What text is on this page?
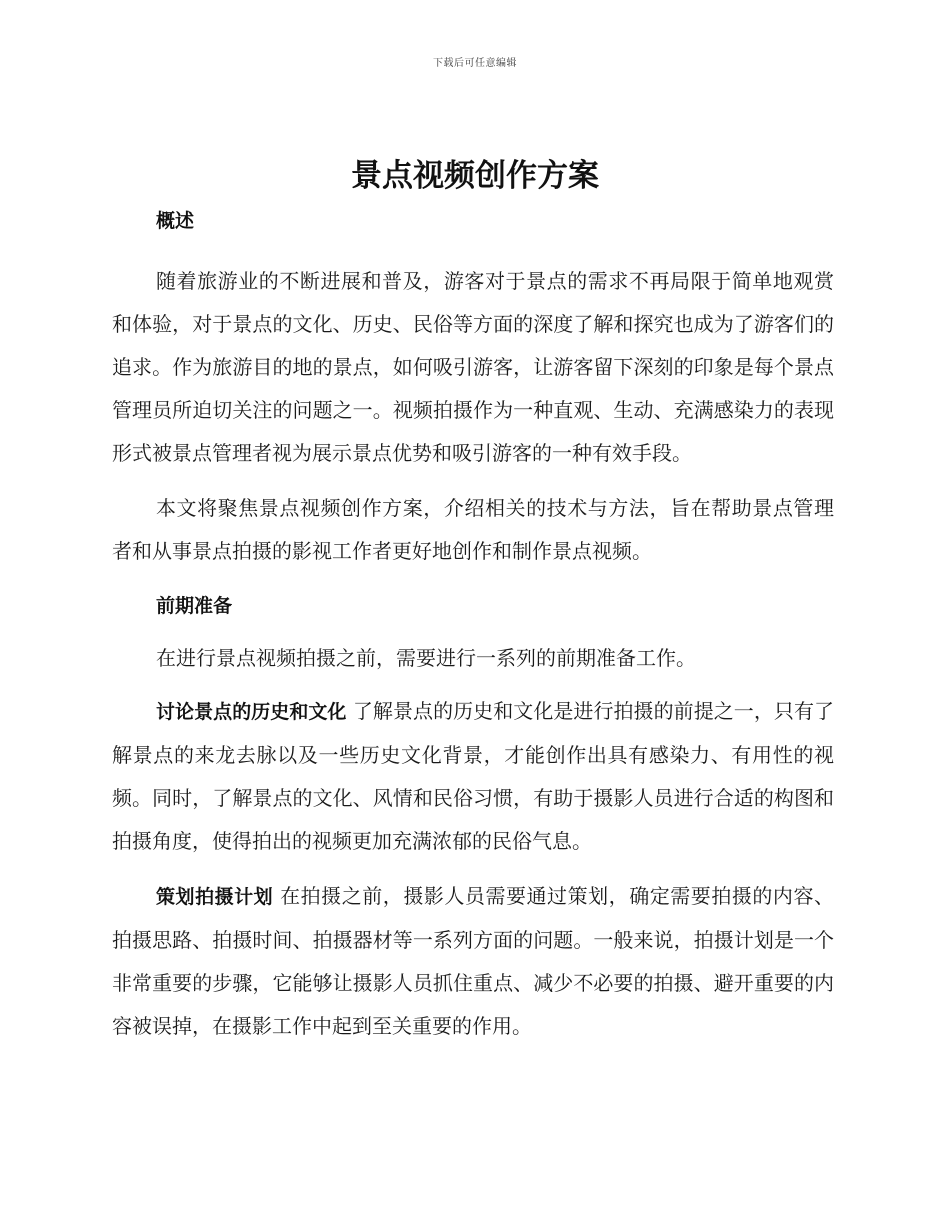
下载后可任意编辑
景点视频创作方案
概述

随着旅游业的不断进展和普及，游客对于景点的需求不再局限于简单地观赏和体验，对于景点的文化、历史、民俗等方面的深度了解和探究也成为了游客们的追求。作为旅游目的地的景点，如何吸引游客，让游客留下深刻的印象是每个景点管理员所迫切关注的问题之一。视频拍摄作为一种直观、生动、充满感染力的表现形式被景点管理者视为展示景点优势和吸引游客的一种有效手段。

本文将聚焦景点视频创作方案，介绍相关的技术与方法，旨在帮助景点管理者和从事景点拍摄的影视工作者更好地创作和制作景点视频。

前期准备

在进行景点视频拍摄之前，需要进行一系列的前期准备工作。

讨论景点的历史和文化 了解景点的历史和文化是进行拍摄的前提之一，只有了解景点的来龙去脉以及一些历史文化背景，才能创作出具有感染力、有用性的视频。同时，了解景点的文化、风情和民俗习惯，有助于摄影人员进行合适的构图和拍摄角度，使得拍出的视频更加充满浓郁的民俗气息。

策划拍摄计划 在拍摄之前，摄影人员需要通过策划，确定需要拍摄的内容、拍摄思路、拍摄时间、拍摄器材等一系列方面的问题。一般来说，拍摄计划是一个非常重要的步骤，它能够让摄影人员抓住重点、减少不必要的拍摄、避开重要的内容被误掉，在摄影工作中起到至关重要的作用。
